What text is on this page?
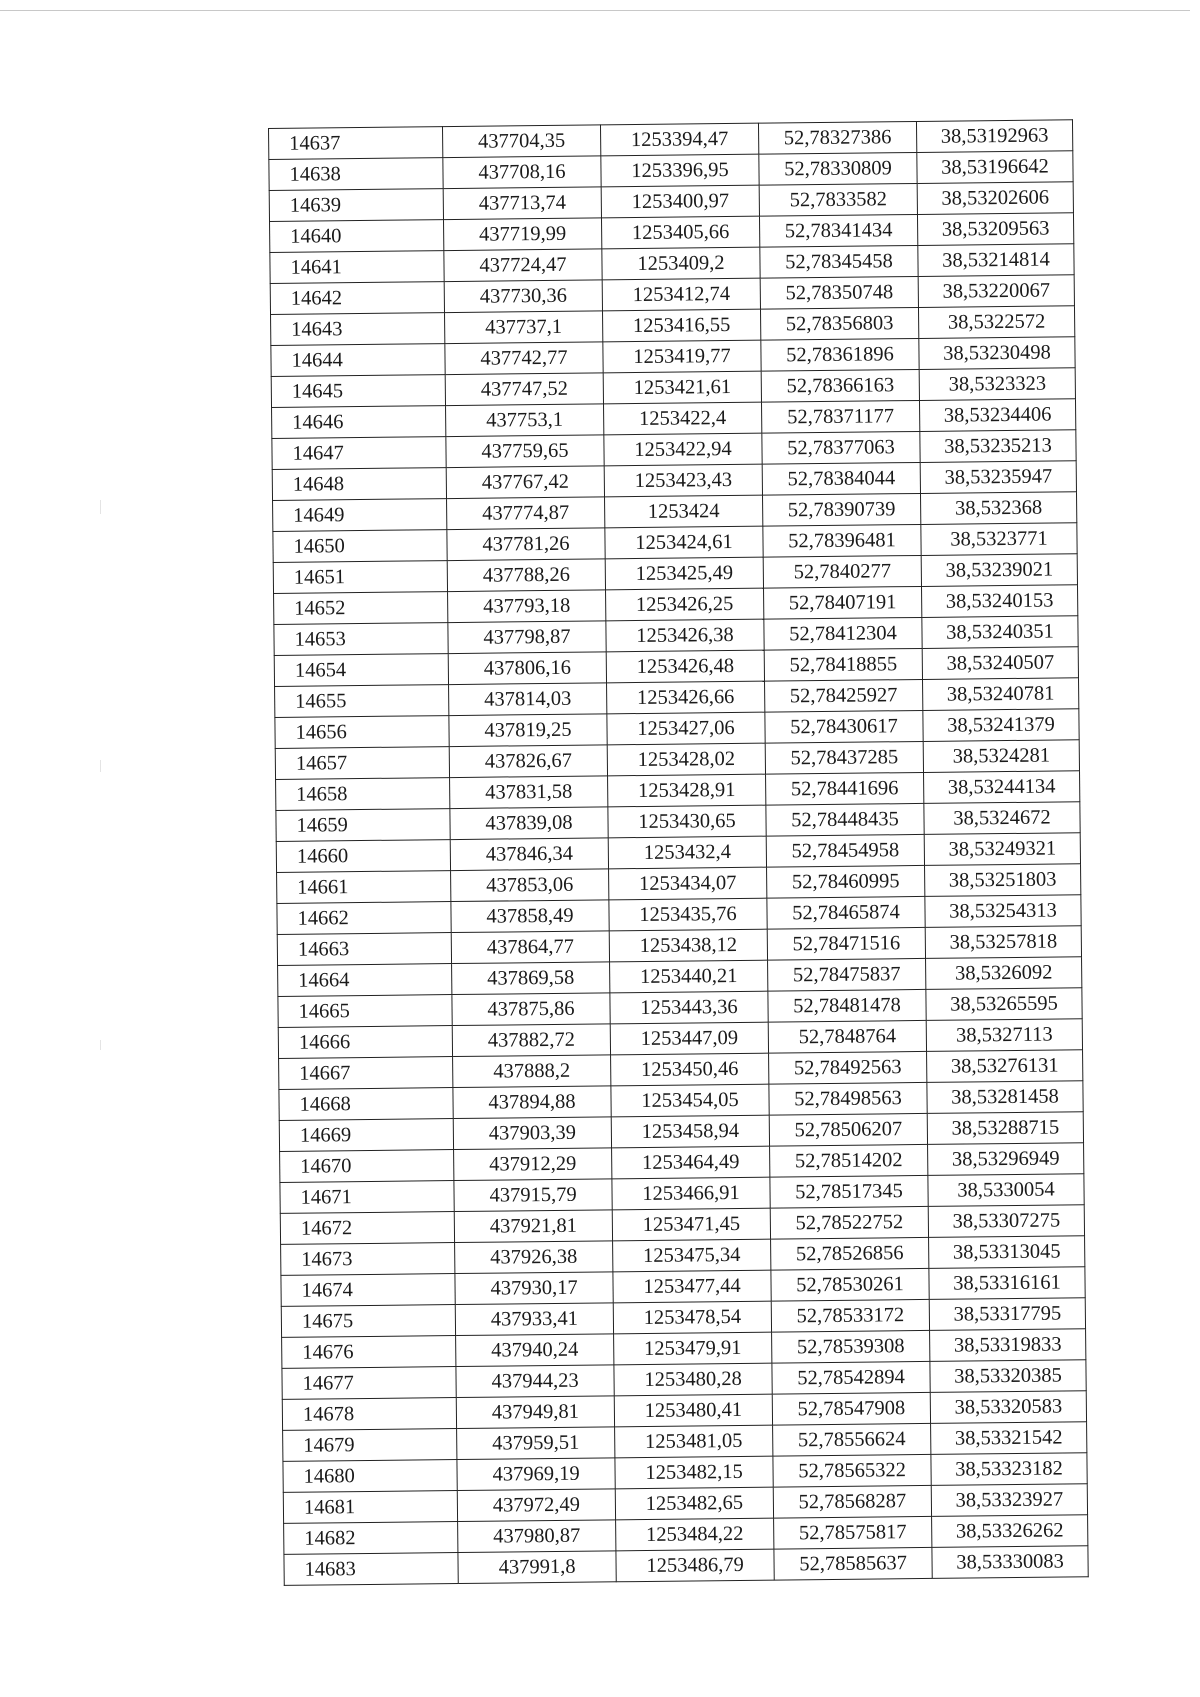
14637	437704,35	1253394,47	52,78327386	38,53192963
14638	437708,16	1253396,95	52,78330809	38,53196642
14639	437713,74	1253400,97	52,7833582	38,53202606
14640	437719,99	1253405,66	52,78341434	38,53209563
14641	437724,47	1253409,2	52,78345458	38,53214814
14642	437730,36	1253412,74	52,78350748	38,53220067
14643	437737,1	1253416,55	52,78356803	38,5322572
14644	437742,77	1253419,77	52,78361896	38,53230498
14645	437747,52	1253421,61	52,78366163	38,5323323
14646	437753,1	1253422,4	52,78371177	38,53234406
14647	437759,65	1253422,94	52,78377063	38,53235213
14648	437767,42	1253423,43	52,78384044	38,53235947
14649	437774,87	1253424	52,78390739	38,532368
14650	437781,26	1253424,61	52,78396481	38,5323771
14651	437788,26	1253425,49	52,7840277	38,53239021
14652	437793,18	1253426,25	52,78407191	38,53240153
14653	437798,87	1253426,38	52,78412304	38,53240351
14654	437806,16	1253426,48	52,78418855	38,53240507
14655	437814,03	1253426,66	52,78425927	38,53240781
14656	437819,25	1253427,06	52,78430617	38,53241379
14657	437826,67	1253428,02	52,78437285	38,5324281
14658	437831,58	1253428,91	52,78441696	38,53244134
14659	437839,08	1253430,65	52,78448435	38,5324672
14660	437846,34	1253432,4	52,78454958	38,53249321
14661	437853,06	1253434,07	52,78460995	38,53251803
14662	437858,49	1253435,76	52,78465874	38,53254313
14663	437864,77	1253438,12	52,78471516	38,53257818
14664	437869,58	1253440,21	52,78475837	38,5326092
14665	437875,86	1253443,36	52,78481478	38,53265595
14666	437882,72	1253447,09	52,7848764	38,5327113
14667	437888,2	1253450,46	52,78492563	38,53276131
14668	437894,88	1253454,05	52,78498563	38,53281458
14669	437903,39	1253458,94	52,78506207	38,53288715
14670	437912,29	1253464,49	52,78514202	38,53296949
14671	437915,79	1253466,91	52,78517345	38,5330054
14672	437921,81	1253471,45	52,78522752	38,53307275
14673	437926,38	1253475,34	52,78526856	38,53313045
14674	437930,17	1253477,44	52,78530261	38,53316161
14675	437933,41	1253478,54	52,78533172	38,53317795
14676	437940,24	1253479,91	52,78539308	38,53319833
14677	437944,23	1253480,28	52,78542894	38,53320385
14678	437949,81	1253480,41	52,78547908	38,53320583
14679	437959,51	1253481,05	52,78556624	38,53321542
14680	437969,19	1253482,15	52,78565322	38,53323182
14681	437972,49	1253482,65	52,78568287	38,53323927
14682	437980,87	1253484,22	52,78575817	38,53326262
14683	437991,8	1253486,79	52,78585637	38,53330083
